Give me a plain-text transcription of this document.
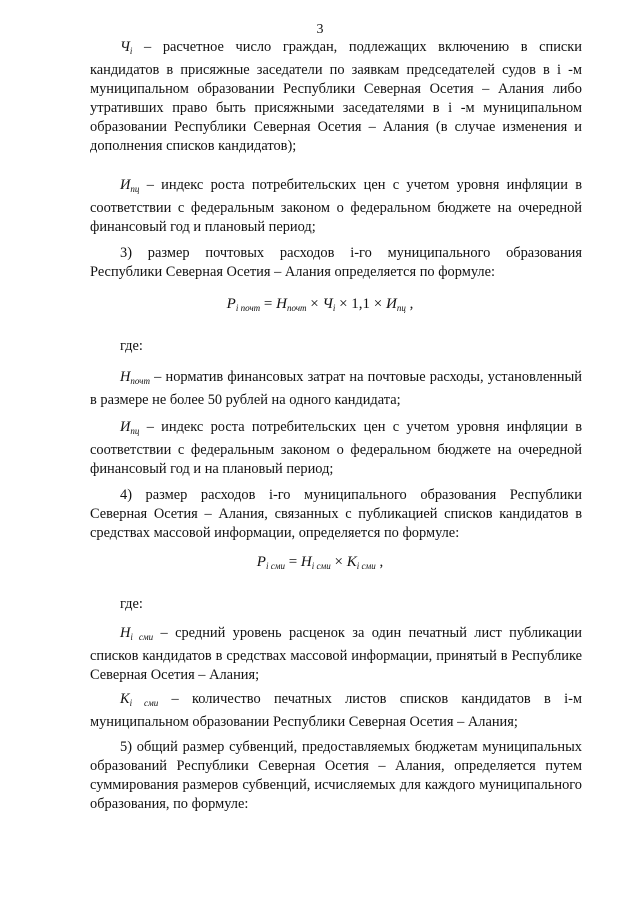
3
$Ч_i$ – расчетное число граждан, подлежащих включению в списки кандидатов в присяжные заседатели по заявкам председателей судов в i -м муниципальном образовании Республики Северная Осетия – Алания либо утративших право быть присяжными заседателями в i -м муниципальном образовании Республики Северная Осетия – Алания (в случае изменения и дополнения списков кандидатов);
$И_{пц}$ – индекс роста потребительских цен с учетом уровня инфляции в соответствии с федеральным законом о федеральном бюджете на очередной финансовый год и плановый период;
3) размер почтовых расходов i-го муниципального образования Республики Северная Осетия – Алания определяется по формуле:
$P_{i почт} = Н_{почт} \times Ч_i \times 1,1 \times И_{пц}$ ,
где:
$Н_{почт}$ – норматив финансовых затрат на почтовые расходы, установленный в размере не более 50 рублей на одного кандидата;
$И_{пц}$ – индекс роста потребительских цен с учетом уровня инфляции в соответствии с федеральным законом о федеральном бюджете на очередной финансовый год и на плановый период;
4) размер расходов i-го муниципального образования Республики Северная Осетия – Алания, связанных с публикацией списков кандидатов в средствах массовой информации, определяется по формуле:
$P_{i сми} = Н_{i сми} \times К_{i сми}$ ,
где:
$Н_{i сми}$ – средний уровень расценок за один печатный лист публикации списков кандидатов в средствах массовой информации, принятый в Республике Северная Осетия – Алания;
$К_{i сми}$ – количество печатных листов списков кандидатов в i-м муниципальном образовании Республики Северная Осетия – Алания;
5) общий размер субвенций, предоставляемых бюджетам муниципальных образований Республики Северная Осетия – Алания, определяется путем суммирования размеров субвенций, исчисляемых для каждого муниципального образования, по формуле:
